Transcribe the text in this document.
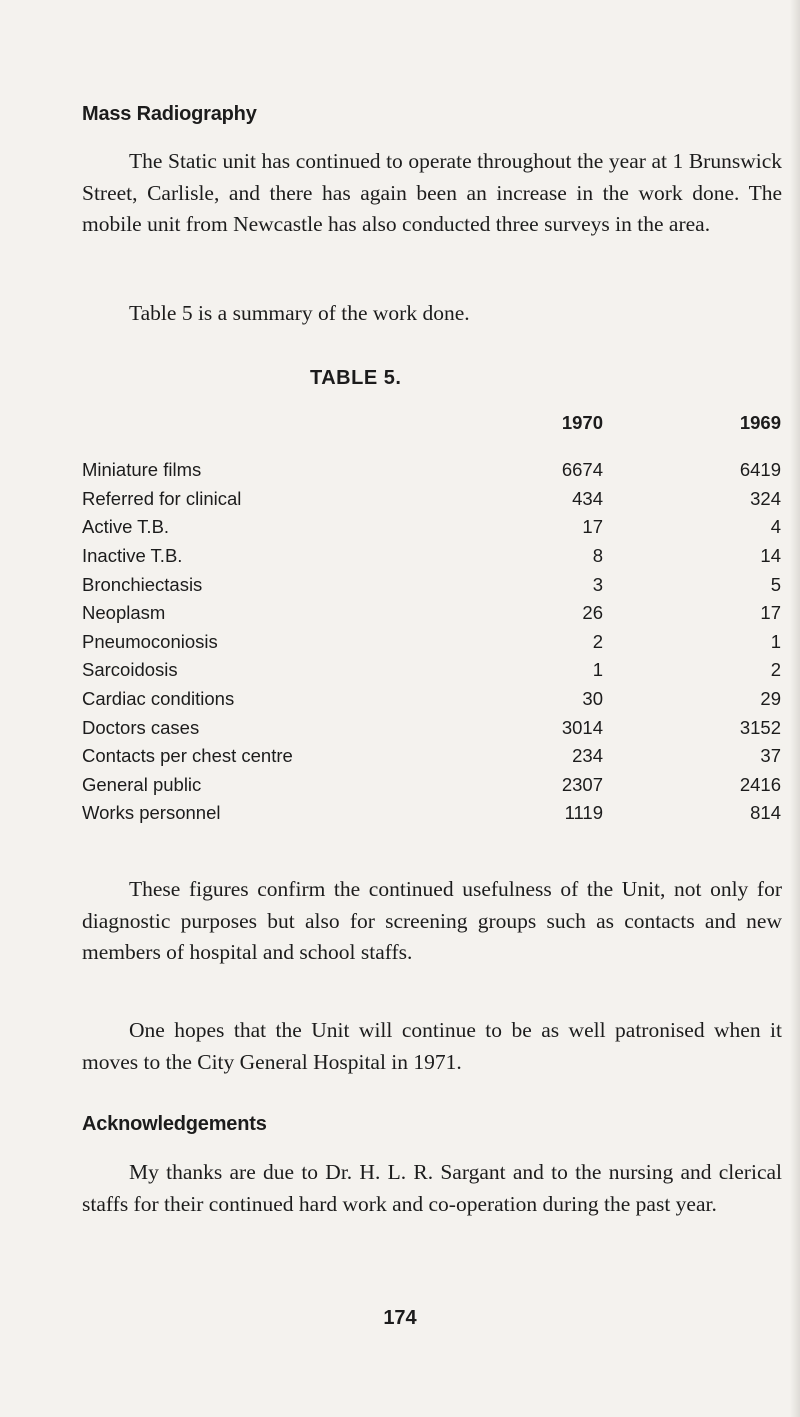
Mass Radiography

The Static unit has continued to operate throughout the year at 1 Brunswick Street, Carlisle, and there has again been an increase in the work done. The mobile unit from Newcastle has also conducted three surveys in the area.

Table 5 is a summary of the work done.

TABLE 5.
	1970	1969
Miniature films	6674	6419
Referred for clinical	434	324
Active T.B.	17	4
Inactive T.B.	8	14
Bronchiectasis	3	5
Neoplasm	26	17
Pneumoconiosis	2	1
Sarcoidosis	1	2
Cardiac conditions	30	29
Doctors cases	3014	3152
Contacts per chest centre	234	37
General public	2307	2416
Works personnel	1119	814

These figures confirm the continued usefulness of the Unit, not only for diagnostic purposes but also for screening groups such as contacts and new members of hospital and school staffs.

One hopes that the Unit will continue to be as well patronised when it moves to the City General Hospital in 1971.

Acknowledgements

My thanks are due to Dr. H. L. R. Sargant and to the nursing and clerical staffs for their continued hard work and co-operation during the past year.

174
